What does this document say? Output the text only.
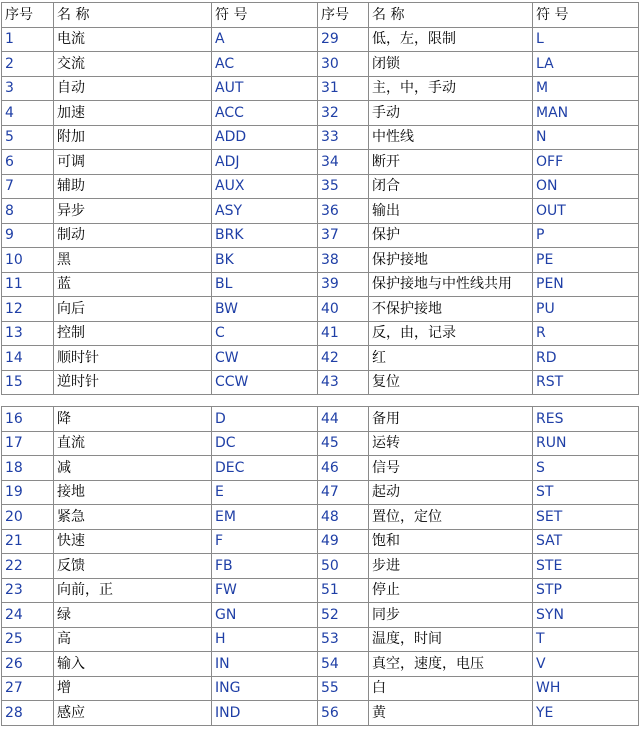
序号	名 称	符 号	序号	名 称	符 号
1	电流	A	29	低，左，限制	L
2	交流	AC	30	闭锁	LA
3	自动	AUT	31	主，中，手动	M
4	加速	ACC	32	手动	MAN
5	附加	ADD	33	中性线	N
6	可调	ADJ	34	断开	OFF
7	辅助	AUX	35	闭合	ON
8	异步	ASY	36	输出	OUT
9	制动	BRK	37	保护	P
10	黑	BK	38	保护接地	PE
11	蓝	BL	39	保护接地与中性线共用	PEN
12	向后	BW	40	不保护接地	PU
13	控制	C	41	反，由，记录	R
14	顺时针	CW	42	红	RD
15	逆时针	CCW	43	复位	RST
16	降	D	44	备用	RES
17	直流	DC	45	运转	RUN
18	减	DEC	46	信号	S
19	接地	E	47	起动	ST
20	紧急	EM	48	置位，定位	SET
21	快速	F	49	饱和	SAT
22	反馈	FB	50	步进	STE
23	向前，正	FW	51	停止	STP
24	绿	GN	52	同步	SYN
25	高	H	53	温度，时间	T
26	输入	IN	54	真空，速度，电压	V
27	增	ING	55	白	WH
28	感应	IND	56	黄	YE
